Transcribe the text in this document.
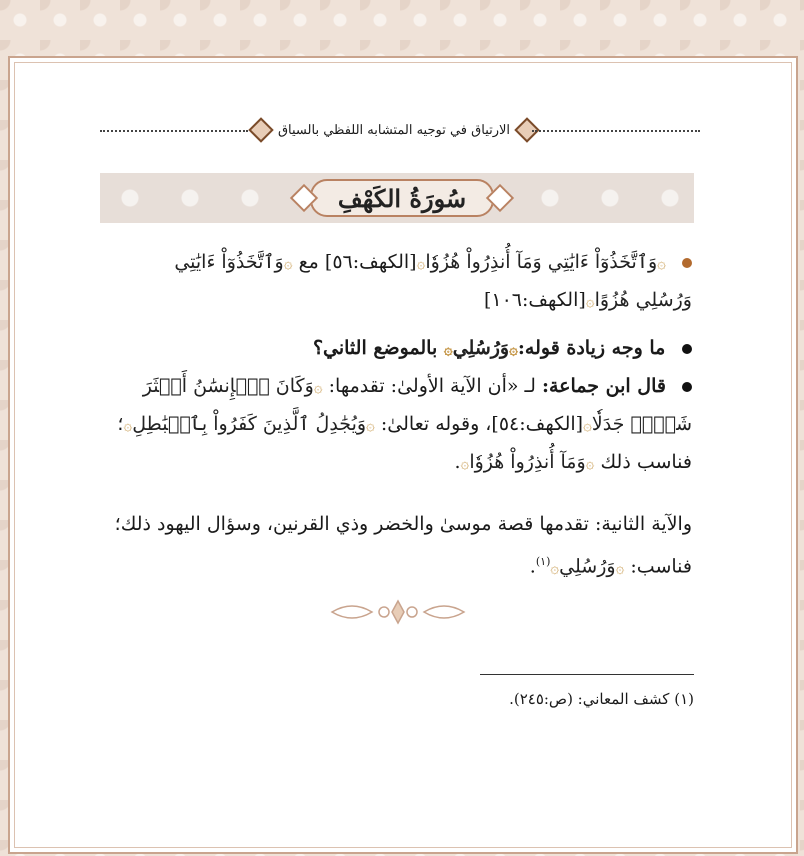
الارتياق في توجيه المتشابه اللفظي بالسياق
سُورَةُ الكَهْفِ
۞وَٱتَّخَذُوٓاْ ءَايَٰتِي وَمَآ أُنذِرُواْ هُزُوٗا۞[الكهف:٥٦] مع ۞وَٱتَّخَذُوٓاْ ءَايَٰتِي وَرُسُلِي هُزُوًا۞[الكهف:١٠٦]
ما وجه زيادة قوله:۞وَرُسُلِي۞ بالموضع الثاني؟
قال ابن جماعة: لـ «أن الآية الأولىٰ: تقدمها: ۞وَكَانَ ٱلۡإِنسَٰنُ أَكۡثَرَ شَيۡءٖ جَدَلٗا۞[الكهف:٥٤]، وقوله تعالىٰ: ۞وَيُجَٰدِلُ ٱلَّذِينَ كَفَرُواْ بِٱلۡبَٰطِلِ۞؛فناسب ذلك ۞وَمَآ أُنذِرُواْ هُزُوٗا۞.
والآية الثانية: تقدمها قصة موسىٰ والخضر وذي القرنين، وسؤال اليهود ذلك؛ فناسب: ۞وَرُسُلِي۞$^{(١)}$.
(١) كشف المعاني: (ص:٢٤٥).
